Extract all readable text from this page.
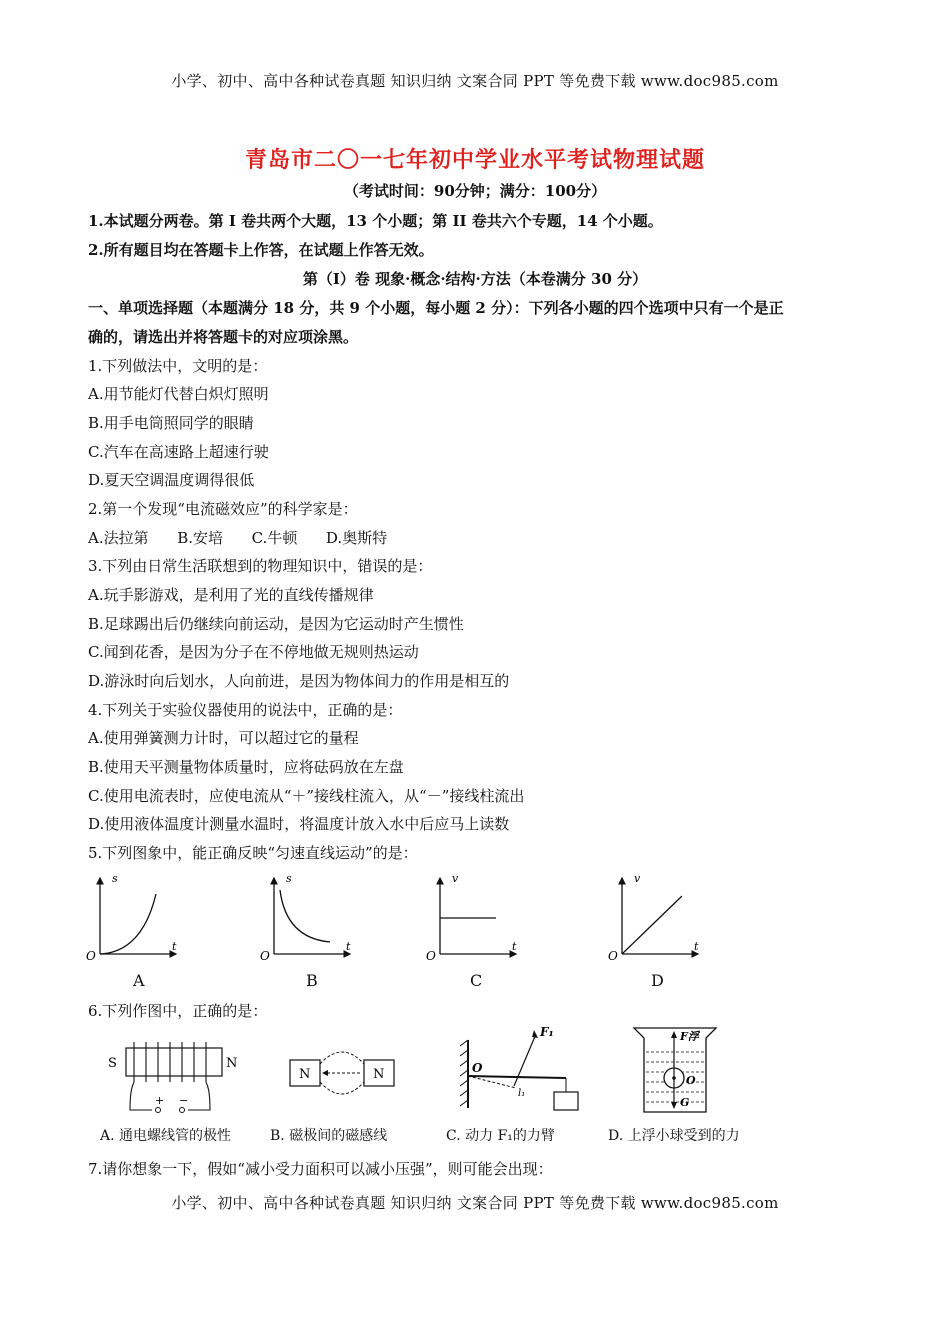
小学、初中、高中各种试卷真题 知识归纳 文案合同 PPT 等免费下载 www.doc985.com
青岛市二〇一七年初中学业水平考试物理试题
（考试时间：90分钟；满分：100分）
1.本试题分两卷。第 I 卷共两个大题，13 个小题；第 II 卷共六个专题，14 个小题。
2.所有题目均在答题卡上作答，在试题上作答无效。
第（I）卷 现象·概念·结构·方法（本卷满分 30 分）
一、单项选择题（本题满分 18 分，共 9 个小题，每小题 2 分）：下列各小题的四个选项中只有一个是正
确的，请选出并将答题卡的对应项涂黑。
1.下列做法中，文明的是：
A.用节能灯代替白炽灯照明
B.用手电筒照同学的眼睛
C.汽车在高速路上超速行驶
D.夏天空调温度调得很低
2.第一个发现“电流磁效应”的科学家是：
A.法拉第      B.安培      C.牛顿      D.奥斯特
3.下列由日常生活联想到的物理知识中，错误的是：
A.玩手影游戏，是利用了光的直线传播规律
B.足球踢出后仍继续向前运动，是因为它运动时产生惯性
C.闻到花香，是因为分子在不停地做无规则热运动
D.游泳时向后划水，人向前进，是因为物体间力的作用是相互的
4.下列关于实验仪器使用的说法中，正确的是：
A.使用弹簧测力计时，可以超过它的量程
B.使用天平测量物体质量时，应将砝码放在左盘
C.使用电流表时，应使电流从“＋”接线柱流入，从“－”接线柱流出
D.使用液体温度计测量水温时，将温度计放入水中后应马上读数
5.下列图象中，能正确反映“匀速直线运动”的是：
s
t
O
s
t
O
v
t
O
v
t
O
A	B	C	D
6.下列作图中，正确的是：
S	N
+ −
N	N
F₁
O
l₁
F浮
O
G
A. 通电螺线管的极性	B. 磁极间的磁感线	C. 动力 F₁的力臂	D. 上浮小球受到的力
7.请你想象一下，假如“减小受力面积可以减小压强”，则可能会出现：
小学、初中、高中各种试卷真题 知识归纳 文案合同 PPT 等免费下载 www.doc985.com
